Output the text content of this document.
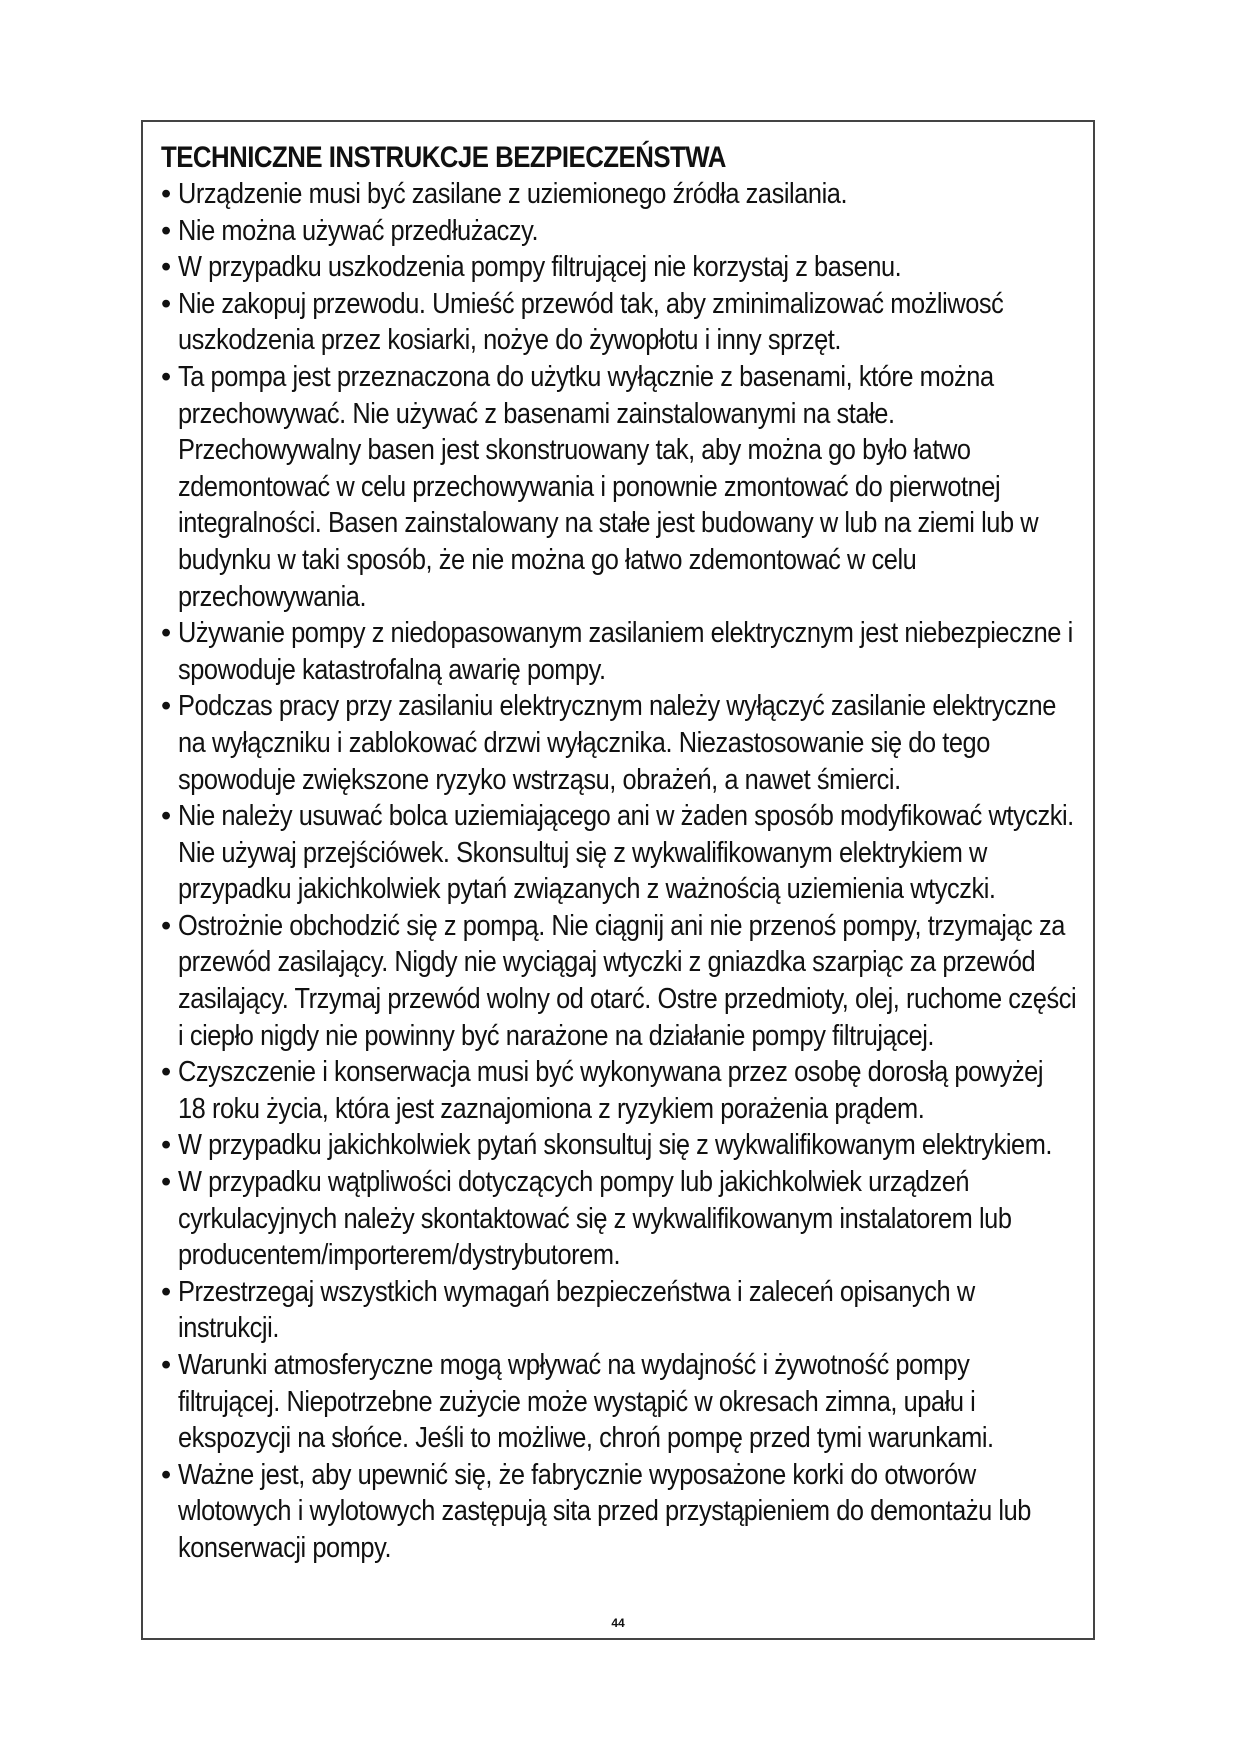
TECHNICZNE INSTRUKCJE BEZPIECZEŃSTWA
• Urządzenie musi być zasilane z uziemionego źródła zasilania.
• Nie można używać przedłużaczy.
• W przypadku uszkodzenia pompy filtrującej nie korzystaj z basenu.
• Nie zakopuj przewodu. Umieść przewód tak, aby zminimalizować możliwosć uszkodzenia przez kosiarki, nożye do żywopłotu i inny sprzęt.
• Ta pompa jest przeznaczona do użytku wyłącznie z basenami, które można przechowywać. Nie używać z basenami zainstalowanymi na stałe. Przechowywalny basen jest skonstruowany tak, aby można go było łatwo zdemontować w celu przechowywania i ponownie zmontować do pierwotnej integralności. Basen zainstalowany na stałe jest budowany w lub na ziemi lub w budynku w taki sposób, że nie można go łatwo zdemontować w celu przechowywania.
• Używanie pompy z niedopasowanym zasilaniem elektrycznym jest niebezpieczne i spowoduje katastrofalną awarię pompy.
• Podczas pracy przy zasilaniu elektrycznym należy wyłączyć zasilanie elektryczne na wyłączniku i zablokować drzwi wyłącznika. Niezastosowanie się do tego spowoduje zwiększone ryzyko wstrząsu, obrażeń, a nawet śmierci.
• Nie należy usuwać bolca uziemiającego ani w żaden sposób modyfikować wtyczki. Nie używaj przejściówek. Skonsultuj się z wykwalifikowanym elektrykiem w przypadku jakichkolwiek pytań związanych z ważnością uziemienia wtyczki.
• Ostrożnie obchodzić się z pompą. Nie ciągnij ani nie przenoś pompy, trzymając za przewód zasilający. Nigdy nie wyciągaj wtyczki z gniazdka szarpiąc za przewód zasilający. Trzymaj przewód wolny od otarć. Ostre przedmioty, olej, ruchome części i ciepło nigdy nie powinny być narażone na działanie pompy filtrującej.
• Czyszczenie i konserwacja musi być wykonywana przez osobę dorosłą powyżej 18 roku życia, która jest zaznajomiona z ryzykiem porażenia prądem.
• W przypadku jakichkolwiek pytań skonsultuj się z wykwalifikowanym elektrykiem.
• W przypadku wątpliwości dotyczących pompy lub jakichkolwiek urządzeń cyrkulacyjnych należy skontaktować się z wykwalifikowanym instalatorem lub producentem/importerem/dystrybutorem.
• Przestrzegaj wszystkich wymagań bezpieczeństwa i zaleceń opisanych w instrukcji.
• Warunki atmosferyczne mogą wpływać na wydajność i żywotność pompy filtrującej. Niepotrzebne zużycie może wystąpić w okresach zimna, upału i ekspozycji na słońce. Jeśli to możliwe, chroń pompę przed tymi warunkami.
• Ważne jest, aby upewnić się, że fabrycznie wyposażone korki do otworów wlotowych i wylotowych zastępują sita przed przystąpieniem do demontażu lub konserwacji pompy.
44
